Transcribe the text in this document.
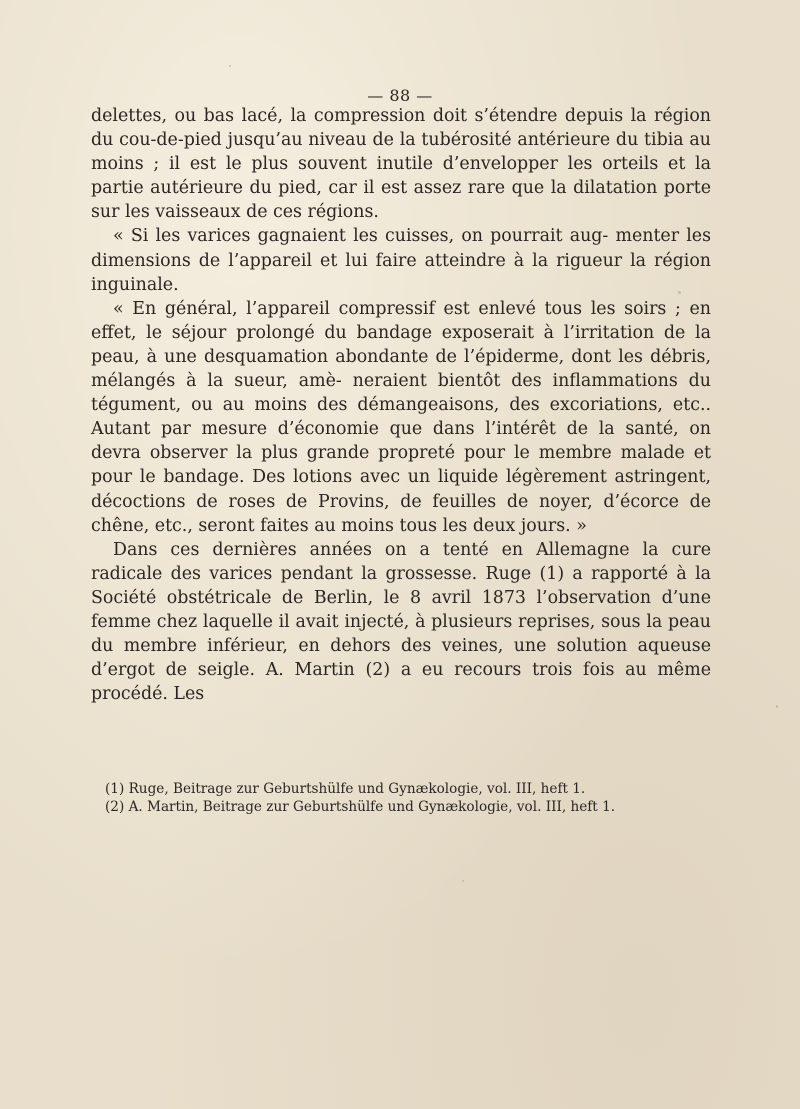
— 88 —

delettes, ou bas lacé, la compression doit s’étendre depuis la région du cou-de-pied jusqu’au niveau de la tubérosité antérieure du tibia au moins ; il est le plus souvent inutile d’envelopper les orteils et la partie autérieure du pied, car il est assez rare que la dilatation porte sur les vaisseaux de ces régions.

« Si les varices gagnaient les cuisses, on pourrait aug- menter les dimensions de l’appareil et lui faire atteindre à la rigueur la région inguinale.

« En général, l’appareil compressif est enlevé tous les soirs ; en effet, le séjour prolongé du bandage exposerait à l’irritation de la peau, à une desquamation abondante de l’épiderme, dont les débris, mélangés à la sueur, amè- neraient bientôt des inflammations du tégument, ou au moins des démangeaisons, des excoriations, etc.. Autant par mesure d’économie que dans l’intérêt de la santé, on devra observer la plus grande propreté pour le membre malade et pour le bandage. Des lotions avec un liquide légèrement astringent, décoctions de roses de Provins, de feuilles de noyer, d’écorce de chêne, etc., seront faites au moins tous les deux jours. »

Dans ces dernières années on a tenté en Allemagne la cure radicale des varices pendant la grossesse. Ruge (1) a rapporté à la Société obstétricale de Berlin, le 8 avril 1873 l’observation d’une femme chez laquelle il avait injecté, à plusieurs reprises, sous la peau du membre inférieur, en dehors des veines, une solution aqueuse d’ergot de seigle. A. Martin (2) a eu recours trois fois au même procédé. Les

(1) Ruge, Beitrage zur Geburtshülfe und Gynækologie, vol. III, heft 1.

(2) A. Martin, Beitrage zur Geburtshülfe und Gynækologie, vol. III, heft 1.
